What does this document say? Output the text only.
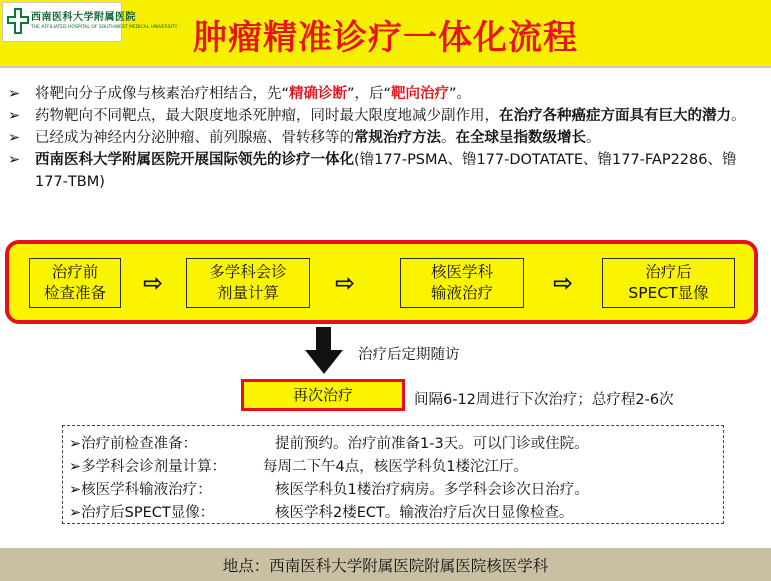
西南医科大学附属医院
THE AFFILIATED HOSPITAL OF SOUTHWEST MEDICAL UNIVERSITY 肿瘤精准诊疗一体化流程
➢ 将靶向分子成像与核素治疗相结合，先“精确诊断”，后“靶向治疗”。
➢ 药物靶向不同靶点，最大限度地杀死肿瘤，同时最大限度地减少副作用，在治疗各种癌症方面具有巨大的潜力。
➢ 已经成为神经内分泌肿瘤、前列腺癌、骨转移等的常规治疗方法。在全球呈指数级增长。
➢ 西南医科大学附属医院开展国际领先的诊疗一体化(镥177-PSMA、镥177-DOTATATE、镥177-FAP2286、镥177-TBM)
治疗前
检查准备	⇨	多学科会诊
剂量计算	⇨	核医学科
输液治疗	⇨	治疗后
SPECT显像
治疗后定期随访
再次治疗	间隔6-12周进行下次治疗；总疗程2-6次
➢治疗前检查准备：	提前预约。治疗前准备1-3天。可以门诊或住院。
➢多学科会诊剂量计算：	每周二下午4点，核医学科负1楼沱江厅。
➢核医学科输液治疗：	核医学科负1楼治疗病房。多学科会诊次日治疗。
➢治疗后SPECT显像：	核医学科2楼ECT。输液治疗后次日显像检查。
地点：西南医科大学附属医院附属医院核医学科
